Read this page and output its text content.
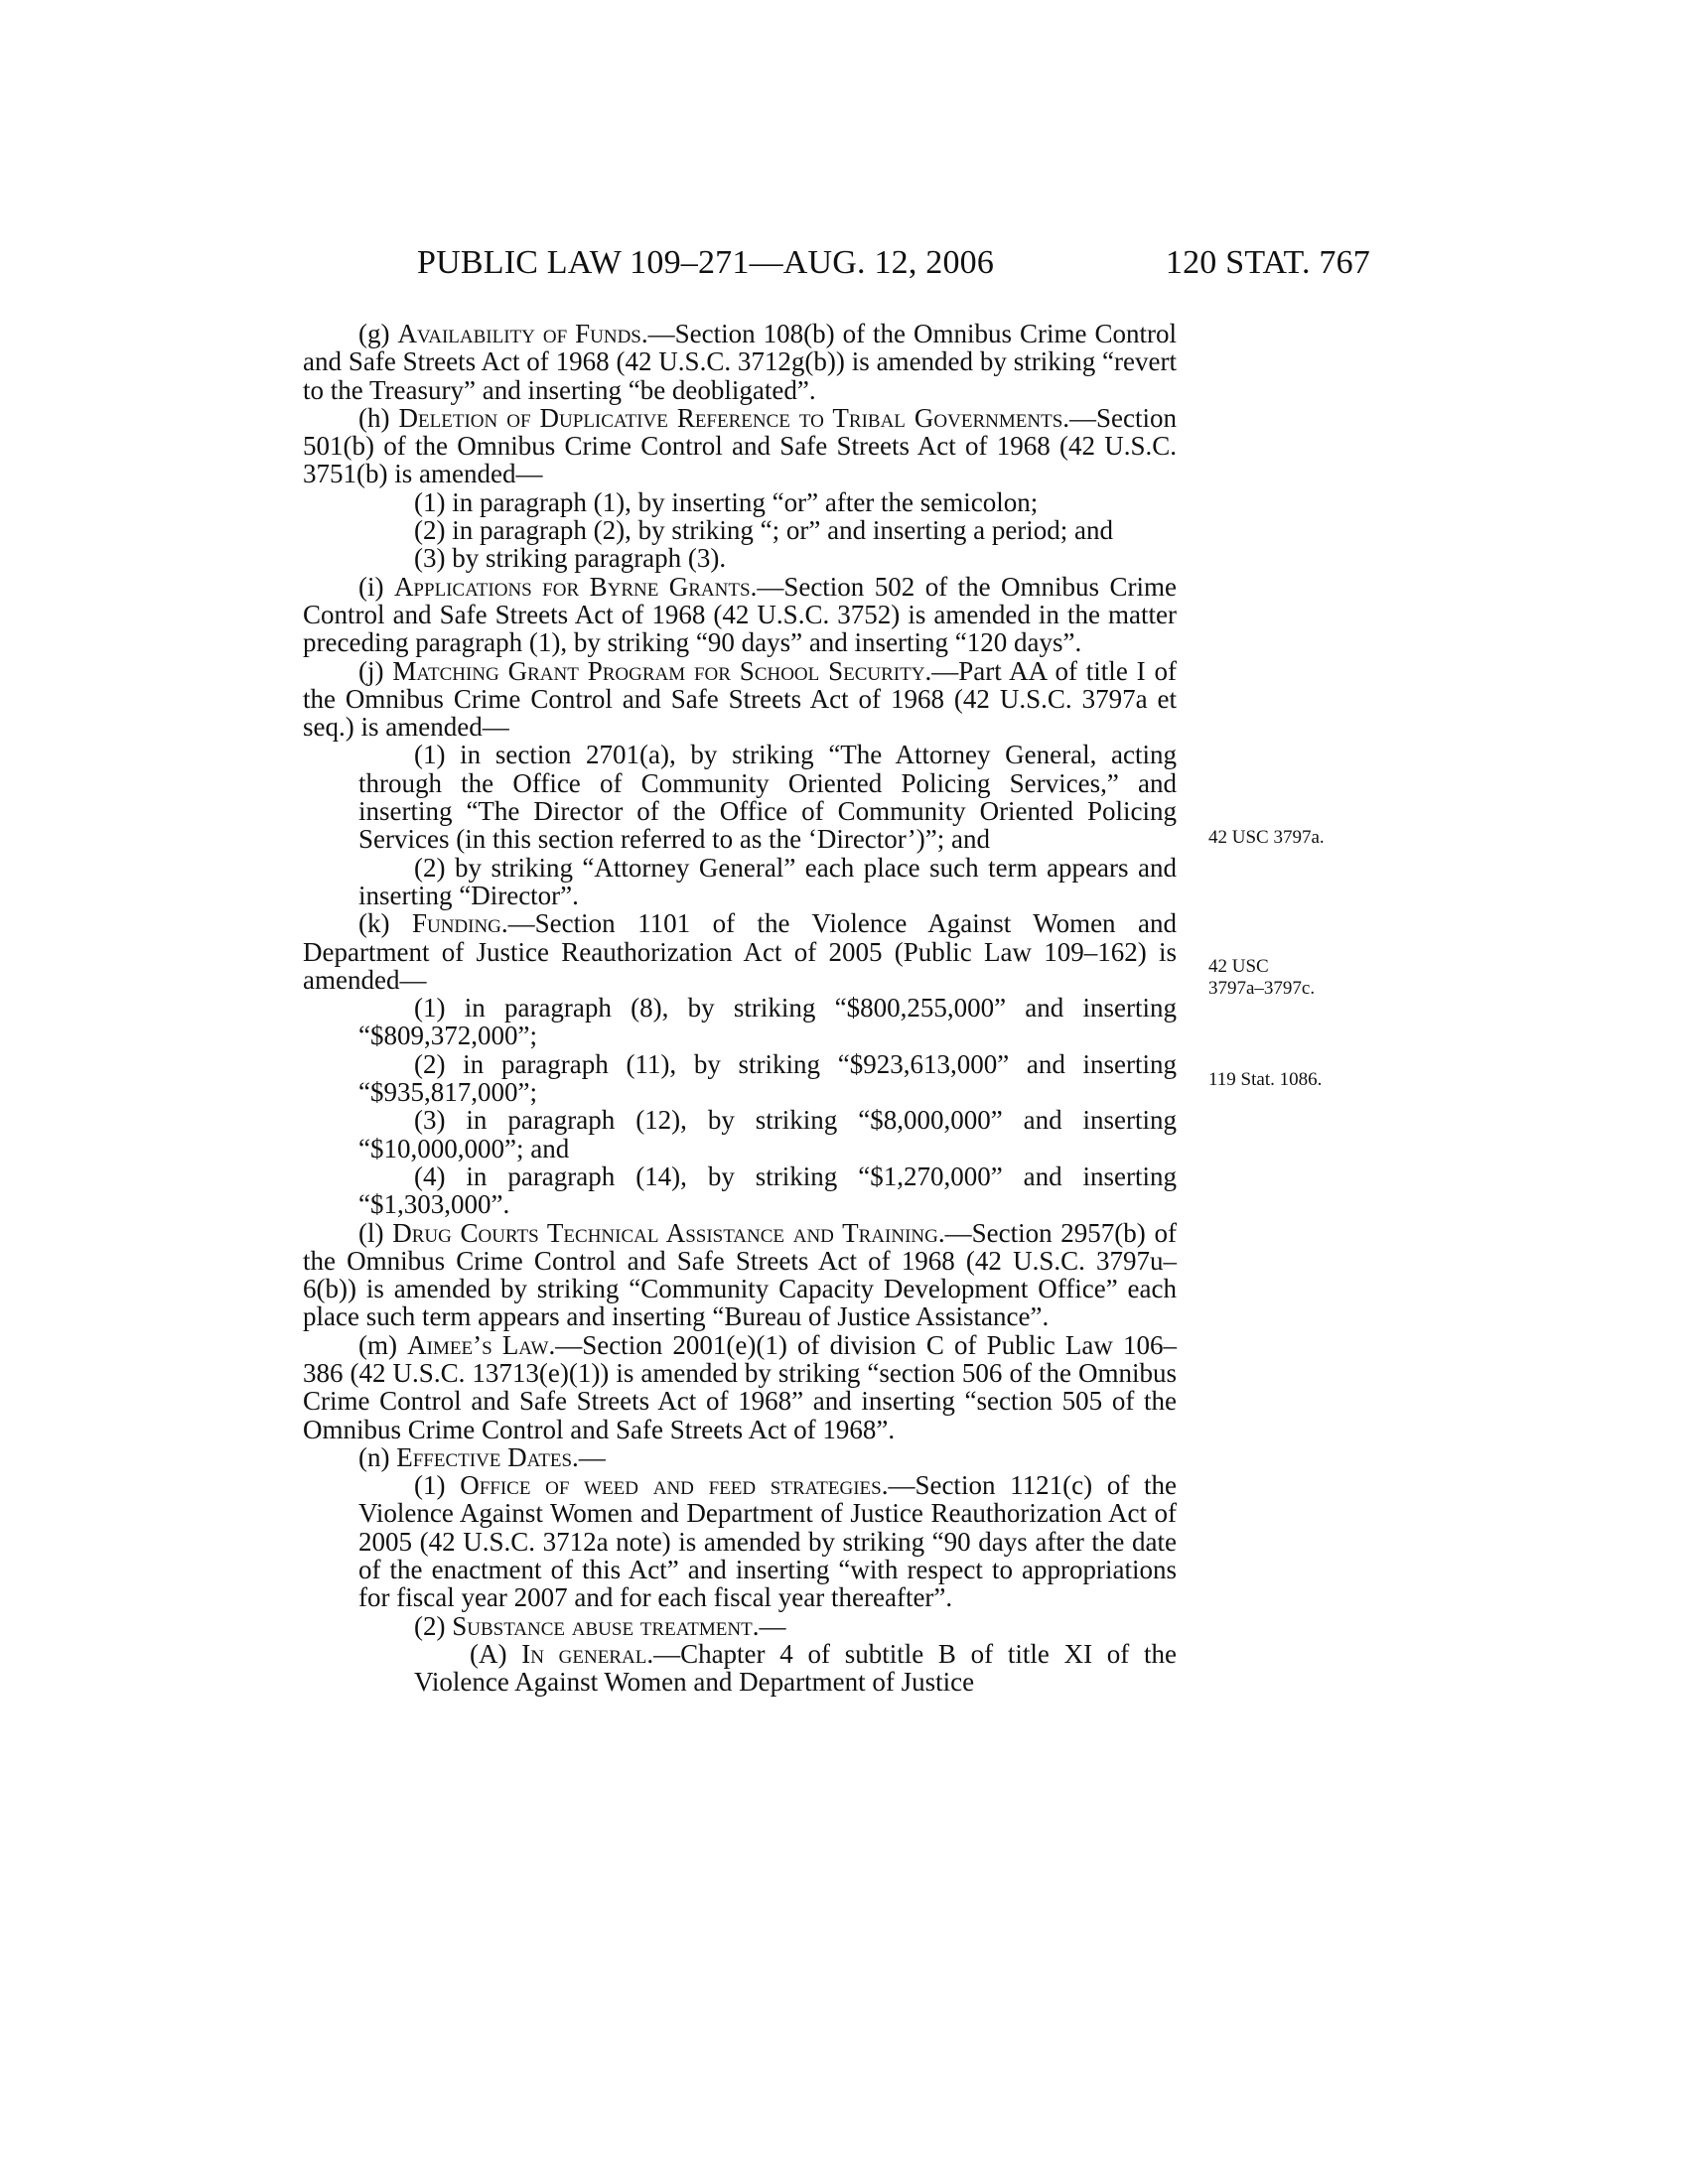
PUBLIC LAW 109–271—AUG. 12, 2006	120 STAT. 767

(g) Availability of Funds.—Section 108(b) of the Omnibus Crime Control and Safe Streets Act of 1968 (42 U.S.C. 3712g(b)) is amended by striking “revert to the Treasury” and inserting “be deobligated”.

(h) Deletion of Duplicative Reference to Tribal Governments.—Section 501(b) of the Omnibus Crime Control and Safe Streets Act of 1968 (42 U.S.C. 3751(b) is amended—

(1) in paragraph (1), by inserting “or” after the semicolon;

(2) in paragraph (2), by striking “; or” and inserting a period; and

(3) by striking paragraph (3).

(i) Applications for Byrne Grants.—Section 502 of the Omnibus Crime Control and Safe Streets Act of 1968 (42 U.S.C. 3752) is amended in the matter preceding paragraph (1), by striking “90 days” and inserting “120 days”.

(j) Matching Grant Program for School Security.—Part AA of title I of the Omnibus Crime Control and Safe Streets Act of 1968 (42 U.S.C. 3797a et seq.) is amended—

(1) in section 2701(a), by striking “The Attorney General, acting through the Office of Community Oriented Policing Services,” and inserting “The Director of the Office of Community Oriented Policing Services (in this section referred to as the ‘Director’)”; and

(2) by striking “Attorney General” each place such term appears and inserting “Director”.

(k) Funding.—Section 1101 of the Violence Against Women and Department of Justice Reauthorization Act of 2005 (Public Law 109–162) is amended—

(1) in paragraph (8), by striking “$800,255,000” and inserting “$809,372,000”;

(2) in paragraph (11), by striking “$923,613,000” and inserting “$935,817,000”;

(3) in paragraph (12), by striking “$8,000,000” and inserting “$10,000,000”; and

(4) in paragraph (14), by striking “$1,270,000” and inserting “$1,303,000”.

(l) Drug Courts Technical Assistance and Training.—Section 2957(b) of the Omnibus Crime Control and Safe Streets Act of 1968 (42 U.S.C. 3797u–6(b)) is amended by striking “Community Capacity Development Office” each place such term appears and inserting “Bureau of Justice Assistance”.

(m) Aimee’s Law.—Section 2001(e)(1) of division C of Public Law 106–386 (42 U.S.C. 13713(e)(1)) is amended by striking “section 506 of the Omnibus Crime Control and Safe Streets Act of 1968” and inserting “section 505 of the Omnibus Crime Control and Safe Streets Act of 1968”.

(n) Effective Dates.—

(1) Office of weed and feed strategies.—Section 1121(c) of the Violence Against Women and Department of Justice Reauthorization Act of 2005 (42 U.S.C. 3712a note) is amended by striking “90 days after the date of the enactment of this Act” and inserting “with respect to appropriations for fiscal year 2007 and for each fiscal year thereafter”.

(2) Substance abuse treatment.—

(A) In general.—Chapter 4 of subtitle B of title XI of the Violence Against Women and Department of Justice

42 USC 3797a.
42 USC
3797a–3797c.
119 Stat. 1086.
